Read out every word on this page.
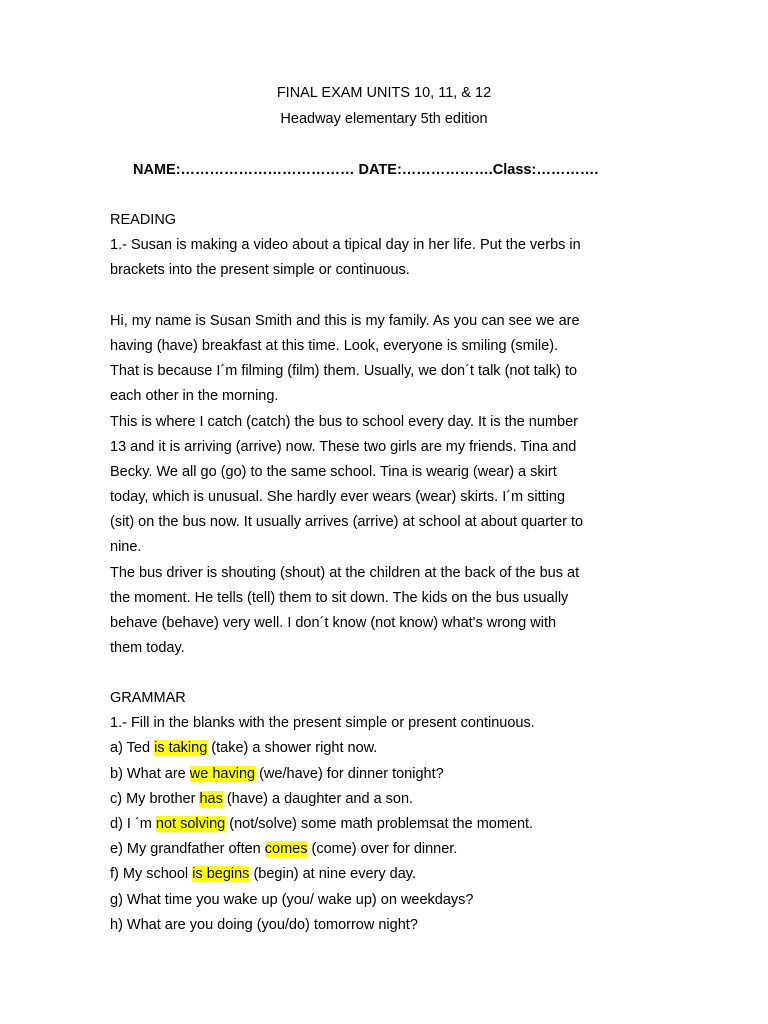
FINAL EXAM UNITS 10, 11, & 12
Headway elementary 5th edition
NAME:……………………………… DATE:……………….Class:………….
READING
1.- Susan is making a video about a tipical day in her life. Put the verbs in
brackets into the present simple or continuous.
Hi, my name is Susan Smith and this is my family. As you can see we are
having (have) breakfast at this time. Look, everyone is smiling (smile).
That is because I´m filming (film) them. Usually, we don´t talk (not talk) to
each other in the morning.
This is where I catch (catch) the bus to school every day. It is the number
13 and it is arriving (arrive) now. These two girls are my friends. Tina and
Becky. We all go (go) to the same school. Tina is wearig (wear) a skirt
today, which is unusual. She hardly ever wears (wear) skirts. I´m sitting
(sit) on the bus now. It usually arrives (arrive) at school at about quarter to
nine.
The bus driver is shouting (shout) at the children at the back of the bus at
the moment. He tells (tell) them to sit down. The kids on the bus usually
behave (behave) very well. I don´t know (not know) what's wrong with
them today.
GRAMMAR
1.- Fill in the blanks with the present simple or present continuous.
a) Ted is taking (take) a shower right now.
b) What are we having (we/have) for dinner tonight?
c) My brother has (have) a daughter and a son.
d) I ´m not solving (not/solve) some math problemsat the moment.
e) My grandfather often comes (come) over for dinner.
f) My school is begins (begin) at nine every day.
g) What time you wake up (you/ wake up) on weekdays?
h) What are you doing (you/do) tomorrow night?
